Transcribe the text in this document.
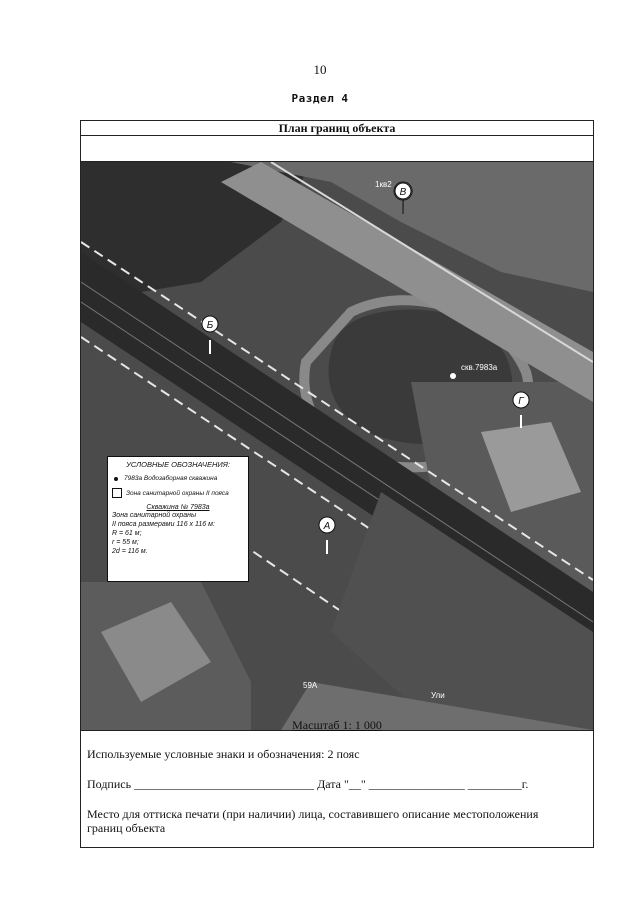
10
Раздел 4
План границ объекта
скв.7983а
1кв2
59А
Ули
В
Б
Г
А
УСЛОВНЫЕ ОБОЗНАЧЕНИЯ:
7983а Водозаборная скважина
Зона санитарной охраны II пояса
Скважина № 7983а
Зона санитарной охраны
II пояса размерами 116 х 116 м:
R = 61 м;
r = 55 м;
2d = 116 м.
Масштаб 1: 1 000
Используемые условные знаки и обозначения: 2 пояс
Подпись ______________________________ Дата "__" ________________ _________г.
Место для оттиска печати (при наличии) лица, составившего описание местоположения
границ объекта
